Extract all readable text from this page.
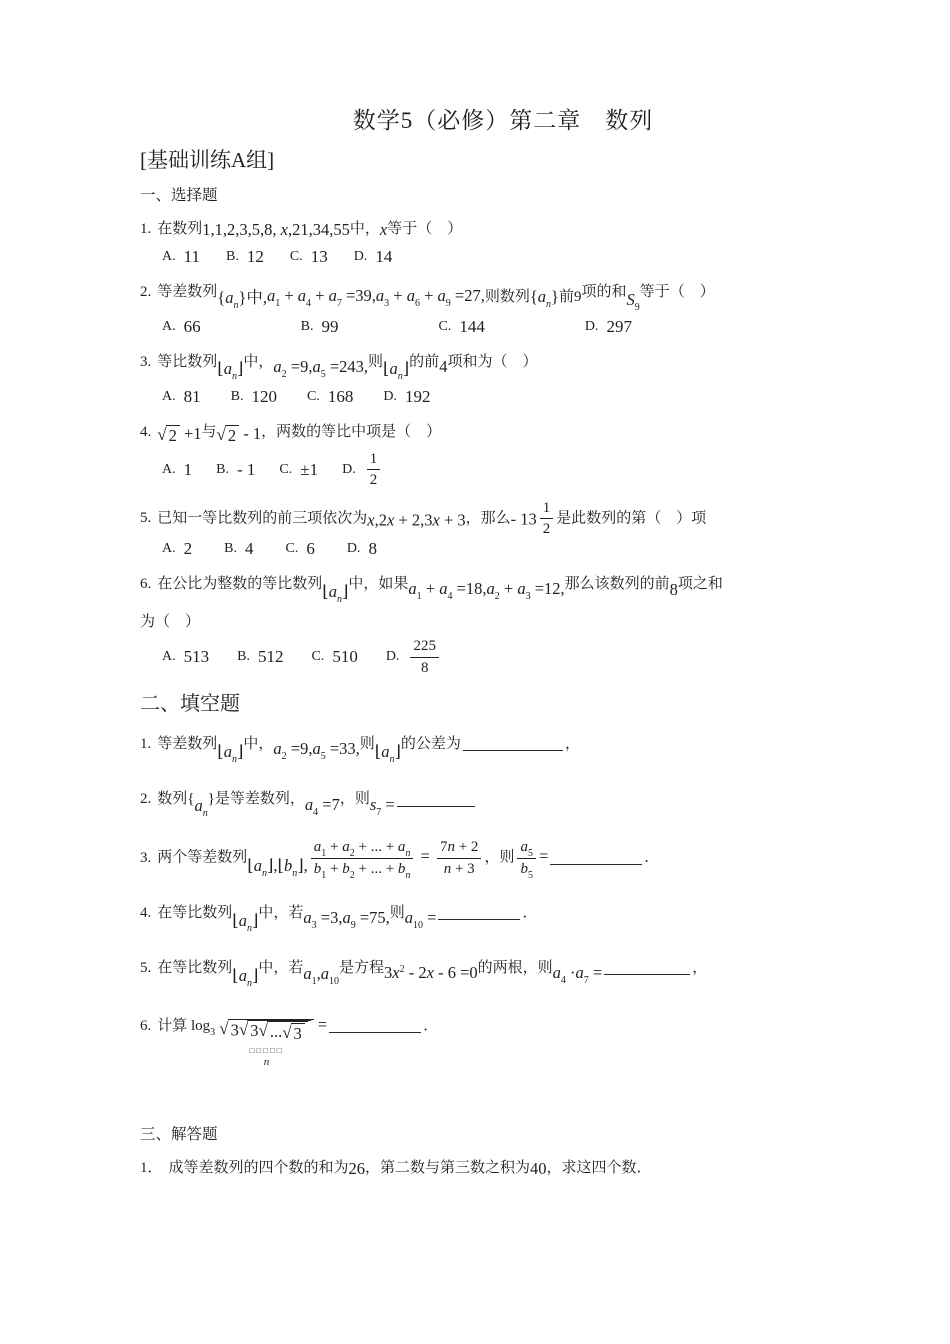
数学5（必修）第二章　数列
[基础训练A组]
一、选择题
1. 在数列1,1,2,3,5,8, x,21,34,55中，x等于（　）
A. 11 B. 12 C. 13 D. 14
2. 等差数列$\{a_n\}$中$,a_1 + a_4 + a_7 =39,a_3 + a_6 + a_9 =27$,则数列$\{a_n\}$前9项的和$S_9$等于（　）
A. 66	B. 99	C. 144	D. 297
3. 等比数列$⌊a_n⌋$中，$a_2 =9,a_5 =243$,则$⌊a_n⌋$的前4项和为（　）
A. 81 B. 120 C. 168 D. 192
4. √ 2 +1与 √ 2 - 1，两数的等比中项是（　）
A. 1 B. - 1 C. ±1 D. $\frac{1}{2}$
5. 已知一等比数列的前三项依次为x,2x + 2,3x + 3，那么- $13 \frac{1}{2}$ 是此数列的第（　）项
A. 2 B. 4 C. 6 D. 8
6. 在公比为整数的等比数列$⌊a_n⌋$中，如果$a_1 + a_4 =18,a_2 + a_3 =12$,那么该数列的前8项之和
为（　）
A. 513 B. 512 C. 510 D. $\frac{225}{8}$
二、填空题
1. 等差数列$⌊a_n⌋$中，$a_2 =9,a_5 =33$,则$⌊a_n⌋$的公差为	，
2. 数列$\{a_n\}$是等差数列，$a_4 =7$，则$s_7$ =
3. 两个等差数列$⌊a_n⌋,⌊b_n⌋$, $\frac{a_1 + a_2 + ... + a_n}{b_1 + b_2 + ... + b_n} = \frac{7n + 2}{n + 3}$ ，则 $\frac{a_5}{b_5}$ =	．
4. 在等比数列$⌊a_n⌋$中，若$a_3 =3,a_9 =75$,则$a_{10}$ =	．
5. 在等比数列$⌊a_n⌋$中，若$a_1,a_{10}$是方程$3x^2 - 2x - 6 =0$的两根，则$a_4 \cdot a_7$ =	，
6. 计算 $\log_3$ √ 3 √ 3 √ ... √ 3
□□□□□
n
=	．
三、解答题
1． 成等差数列的四个数的和为26，第二数与第三数之积为40，求这四个数．
